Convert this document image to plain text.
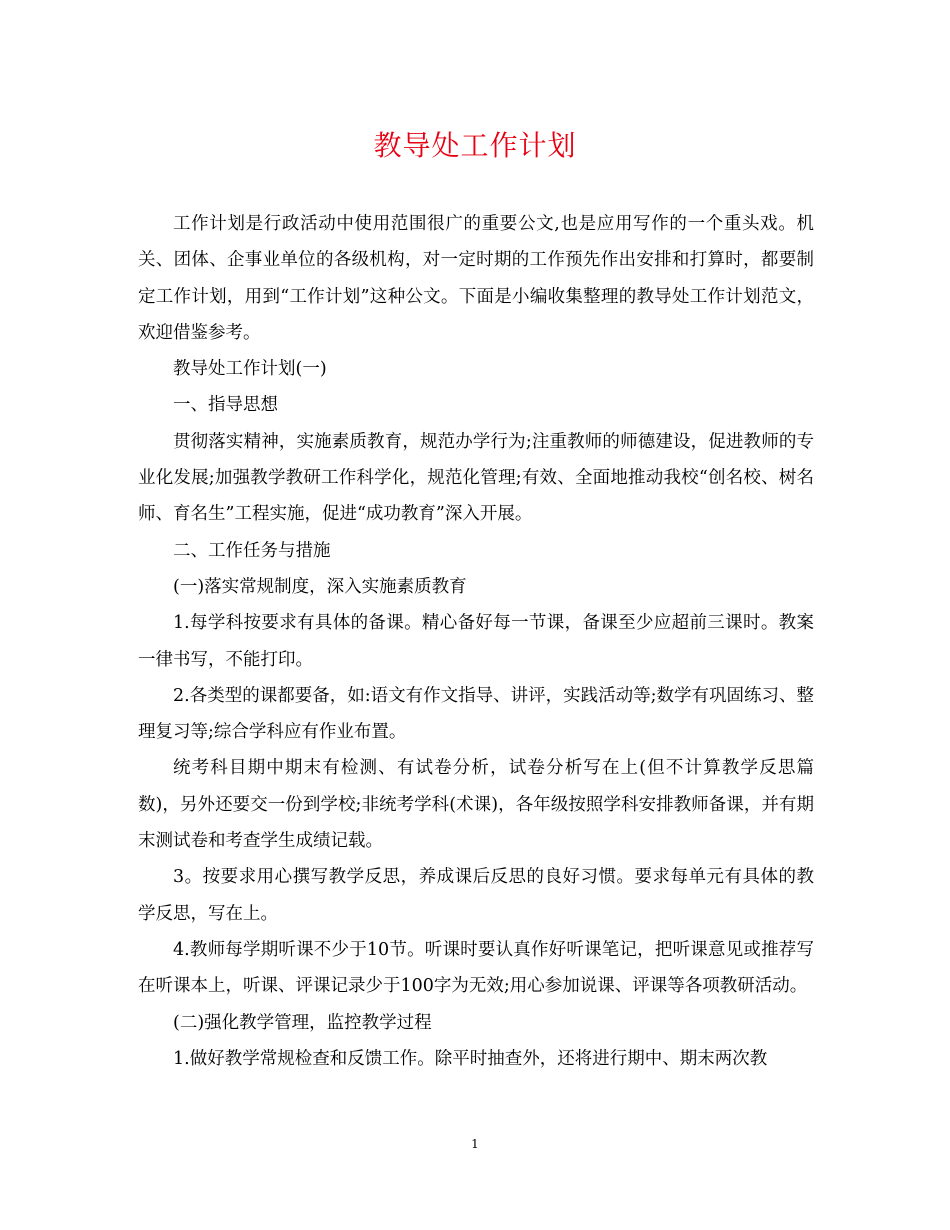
教导处工作计划

工作计划是行政活动中使用范围很广的重要公文,也是应用写作的一个重头戏。机关、团体、企事业单位的各级机构，对一定时期的工作预先作出安排和打算时，都要制定工作计划，用到“工作计划”这种公文。下面是小编收集整理的教导处工作计划范文，欢迎借鉴参考。

教导处工作计划(一)

一、指导思想

贯彻落实精神，实施素质教育，规范办学行为;注重教师的师德建设，促进教师的专业化发展;加强教学教研工作科学化，规范化管理;有效、全面地推动我校“创名校、树名师、育名生”工程实施，促进“成功教育”深入开展。

二、工作任务与措施

(一)落实常规制度，深入实施素质教育

1.每学科按要求有具体的备课。精心备好每一节课，备课至少应超前三课时。教案一律书写，不能打印。

2.各类型的课都要备，如:语文有作文指导、讲评，实践活动等;数学有巩固练习、整理复习等;综合学科应有作业布置。

统考科目期中期末有检测、有试卷分析，试卷分析写在上(但不计算教学反思篇数)，另外还要交一份到学校;非统考学科(术课)，各年级按照学科安排教师备课，并有期末测试卷和考查学生成绩记载。

3。按要求用心撰写教学反思，养成课后反思的良好习惯。要求每单元有具体的教学反思，写在上。

4.教师每学期听课不少于10节。听课时要认真作好听课笔记，把听课意见或推荐写在听课本上，听课、评课记录少于100字为无效;用心参加说课、评课等各项教研活动。

(二)强化教学管理，监控教学过程

1.做好教学常规检查和反馈工作。除平时抽查外，还将进行期中、期末两次教

1
